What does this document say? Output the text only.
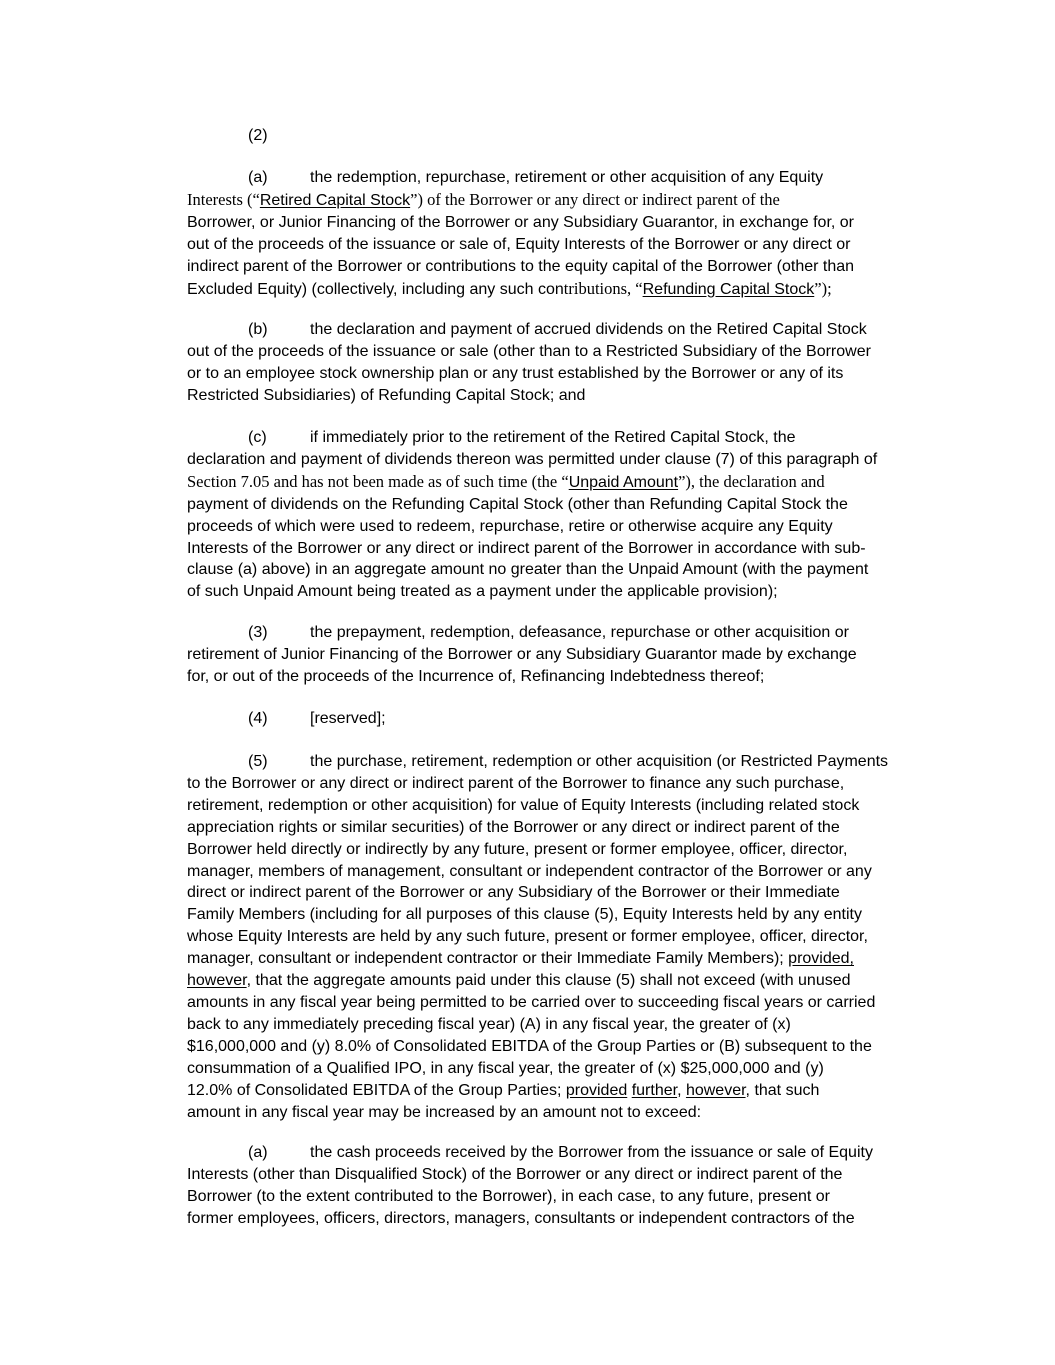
(2)

(a)	the redemption, repurchase, retirement or other acquisition of any Equity
Interests (“Retired Capital Stock”) of the Borrower or any direct or indirect parent of the
Borrower, or Junior Financing of the Borrower or any Subsidiary Guarantor, in exchange for, or
out of the proceeds of the issuance or sale of, Equity Interests of the Borrower or any direct or
indirect parent of the Borrower or contributions to the equity capital of the Borrower (other than
Excluded Equity) (collectively, including any such contributions, “Refunding Capital Stock”);

(b)	the declaration and payment of accrued dividends on the Retired Capital Stock
out of the proceeds of the issuance or sale (other than to a Restricted Subsidiary of the Borrower
or to an employee stock ownership plan or any trust established by the Borrower or any of its
Restricted Subsidiaries) of Refunding Capital Stock; and

(c)	if immediately prior to the retirement of the Retired Capital Stock, the
declaration and payment of dividends thereon was permitted under clause (7) of this paragraph of
Section 7.05 and has not been made as of such time (the “Unpaid Amount”), the declaration and
payment of dividends on the Refunding Capital Stock (other than Refunding Capital Stock the
proceeds of which were used to redeem, repurchase, retire or otherwise acquire any Equity
Interests of the Borrower or any direct or indirect parent of the Borrower in accordance with sub-
clause (a) above) in an aggregate amount no greater than the Unpaid Amount (with the payment
of such Unpaid Amount being treated as a payment under the applicable provision);

(3)	the prepayment, redemption, defeasance, repurchase or other acquisition or
retirement of Junior Financing of the Borrower or any Subsidiary Guarantor made by exchange
for, or out of the proceeds of the Incurrence of, Refinancing Indebtedness thereof;

(4)	[reserved];

(5)	the purchase, retirement, redemption or other acquisition (or Restricted Payments
to the Borrower or any direct or indirect parent of the Borrower to finance any such purchase,
retirement, redemption or other acquisition) for value of Equity Interests (including related stock
appreciation rights or similar securities) of the Borrower or any direct or indirect parent of the
Borrower held directly or indirectly by any future, present or former employee, officer, director,
manager, members of management, consultant or independent contractor of the Borrower or any
direct or indirect parent of the Borrower or any Subsidiary of the Borrower or their Immediate
Family Members (including for all purposes of this clause (5), Equity Interests held by any entity
whose Equity Interests are held by any such future, present or former employee, officer, director,
manager, consultant or independent contractor or their Immediate Family Members); provided,
however, that the aggregate amounts paid under this clause (5) shall not exceed (with unused
amounts in any fiscal year being permitted to be carried over to succeeding fiscal years or carried
back to any immediately preceding fiscal year) (A) in any fiscal year, the greater of (x)
$16,000,000 and (y) 8.0% of Consolidated EBITDA of the Group Parties or (B) subsequent to the
consummation of a Qualified IPO, in any fiscal year, the greater of (x) $25,000,000 and (y)
12.0% of Consolidated EBITDA of the Group Parties; provided further, however, that such
amount in any fiscal year may be increased by an amount not to exceed:

(a)	the cash proceeds received by the Borrower from the issuance or sale of Equity
Interests (other than Disqualified Stock) of the Borrower or any direct or indirect parent of the
Borrower (to the extent contributed to the Borrower), in each case, to any future, present or
former employees, officers, directors, managers, consultants or independent contractors of the
